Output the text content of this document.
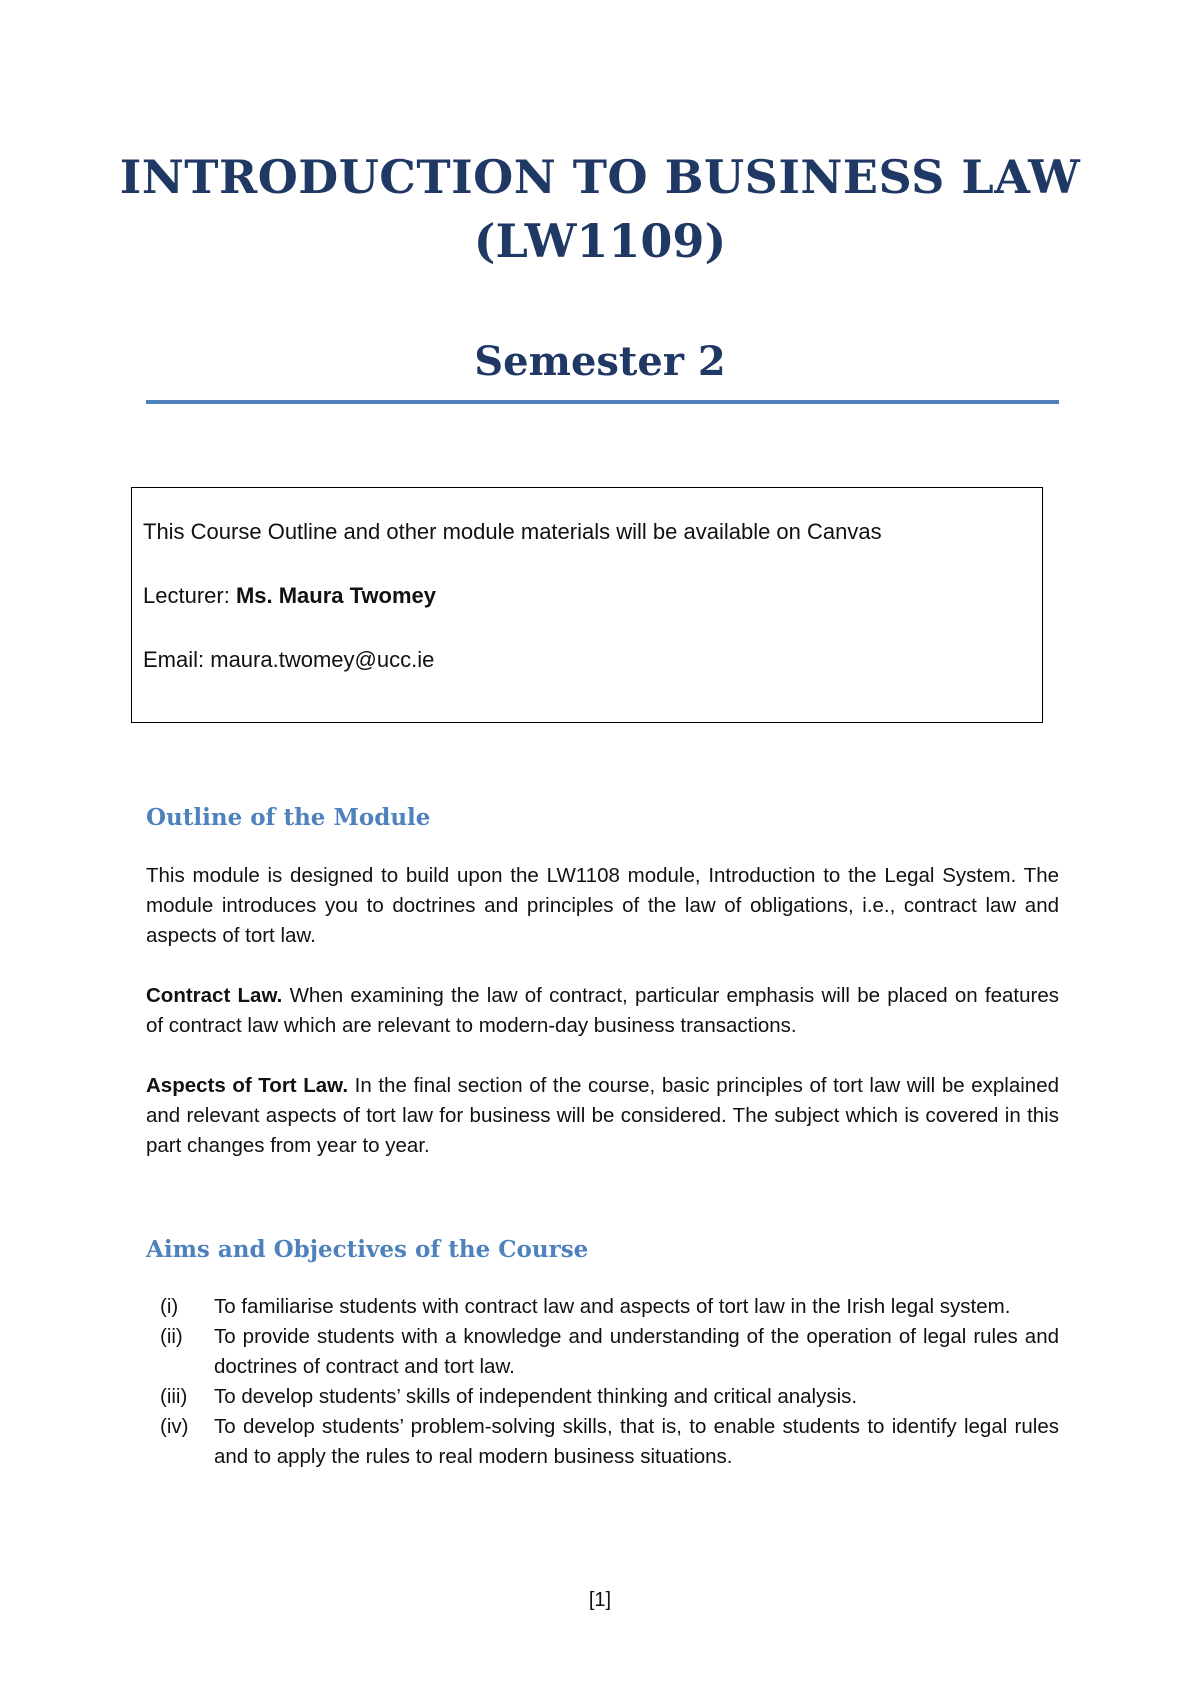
INTRODUCTION TO BUSINESS LAW
(LW1109)
Semester 2
This Course Outline and other module materials will be available on Canvas
Lecturer: Ms. Maura Twomey
Email: maura.twomey@ucc.ie
Outline of the Module
This module is designed to build upon the LW1108 module, Introduction to the Legal System. The module introduces you to doctrines and principles of the law of obligations, i.e., contract law and aspects of tort law.
Contract Law. When examining the law of contract, particular emphasis will be placed on features of contract law which are relevant to modern-day business transactions.
Aspects of Tort Law. In the final section of the course, basic principles of tort law will be explained and relevant aspects of tort law for business will be considered. The subject which is covered in this part changes from year to year.
Aims and Objectives of the Course
(i) To familiarise students with contract law and aspects of tort law in the Irish legal system.
(ii) To provide students with a knowledge and understanding of the operation of legal rules and doctrines of contract and tort law.
(iii) To develop students’ skills of independent thinking and critical analysis.
(iv) To develop students’ problem-solving skills, that is, to enable students to identify legal rules and to apply the rules to real modern business situations.
[1]
